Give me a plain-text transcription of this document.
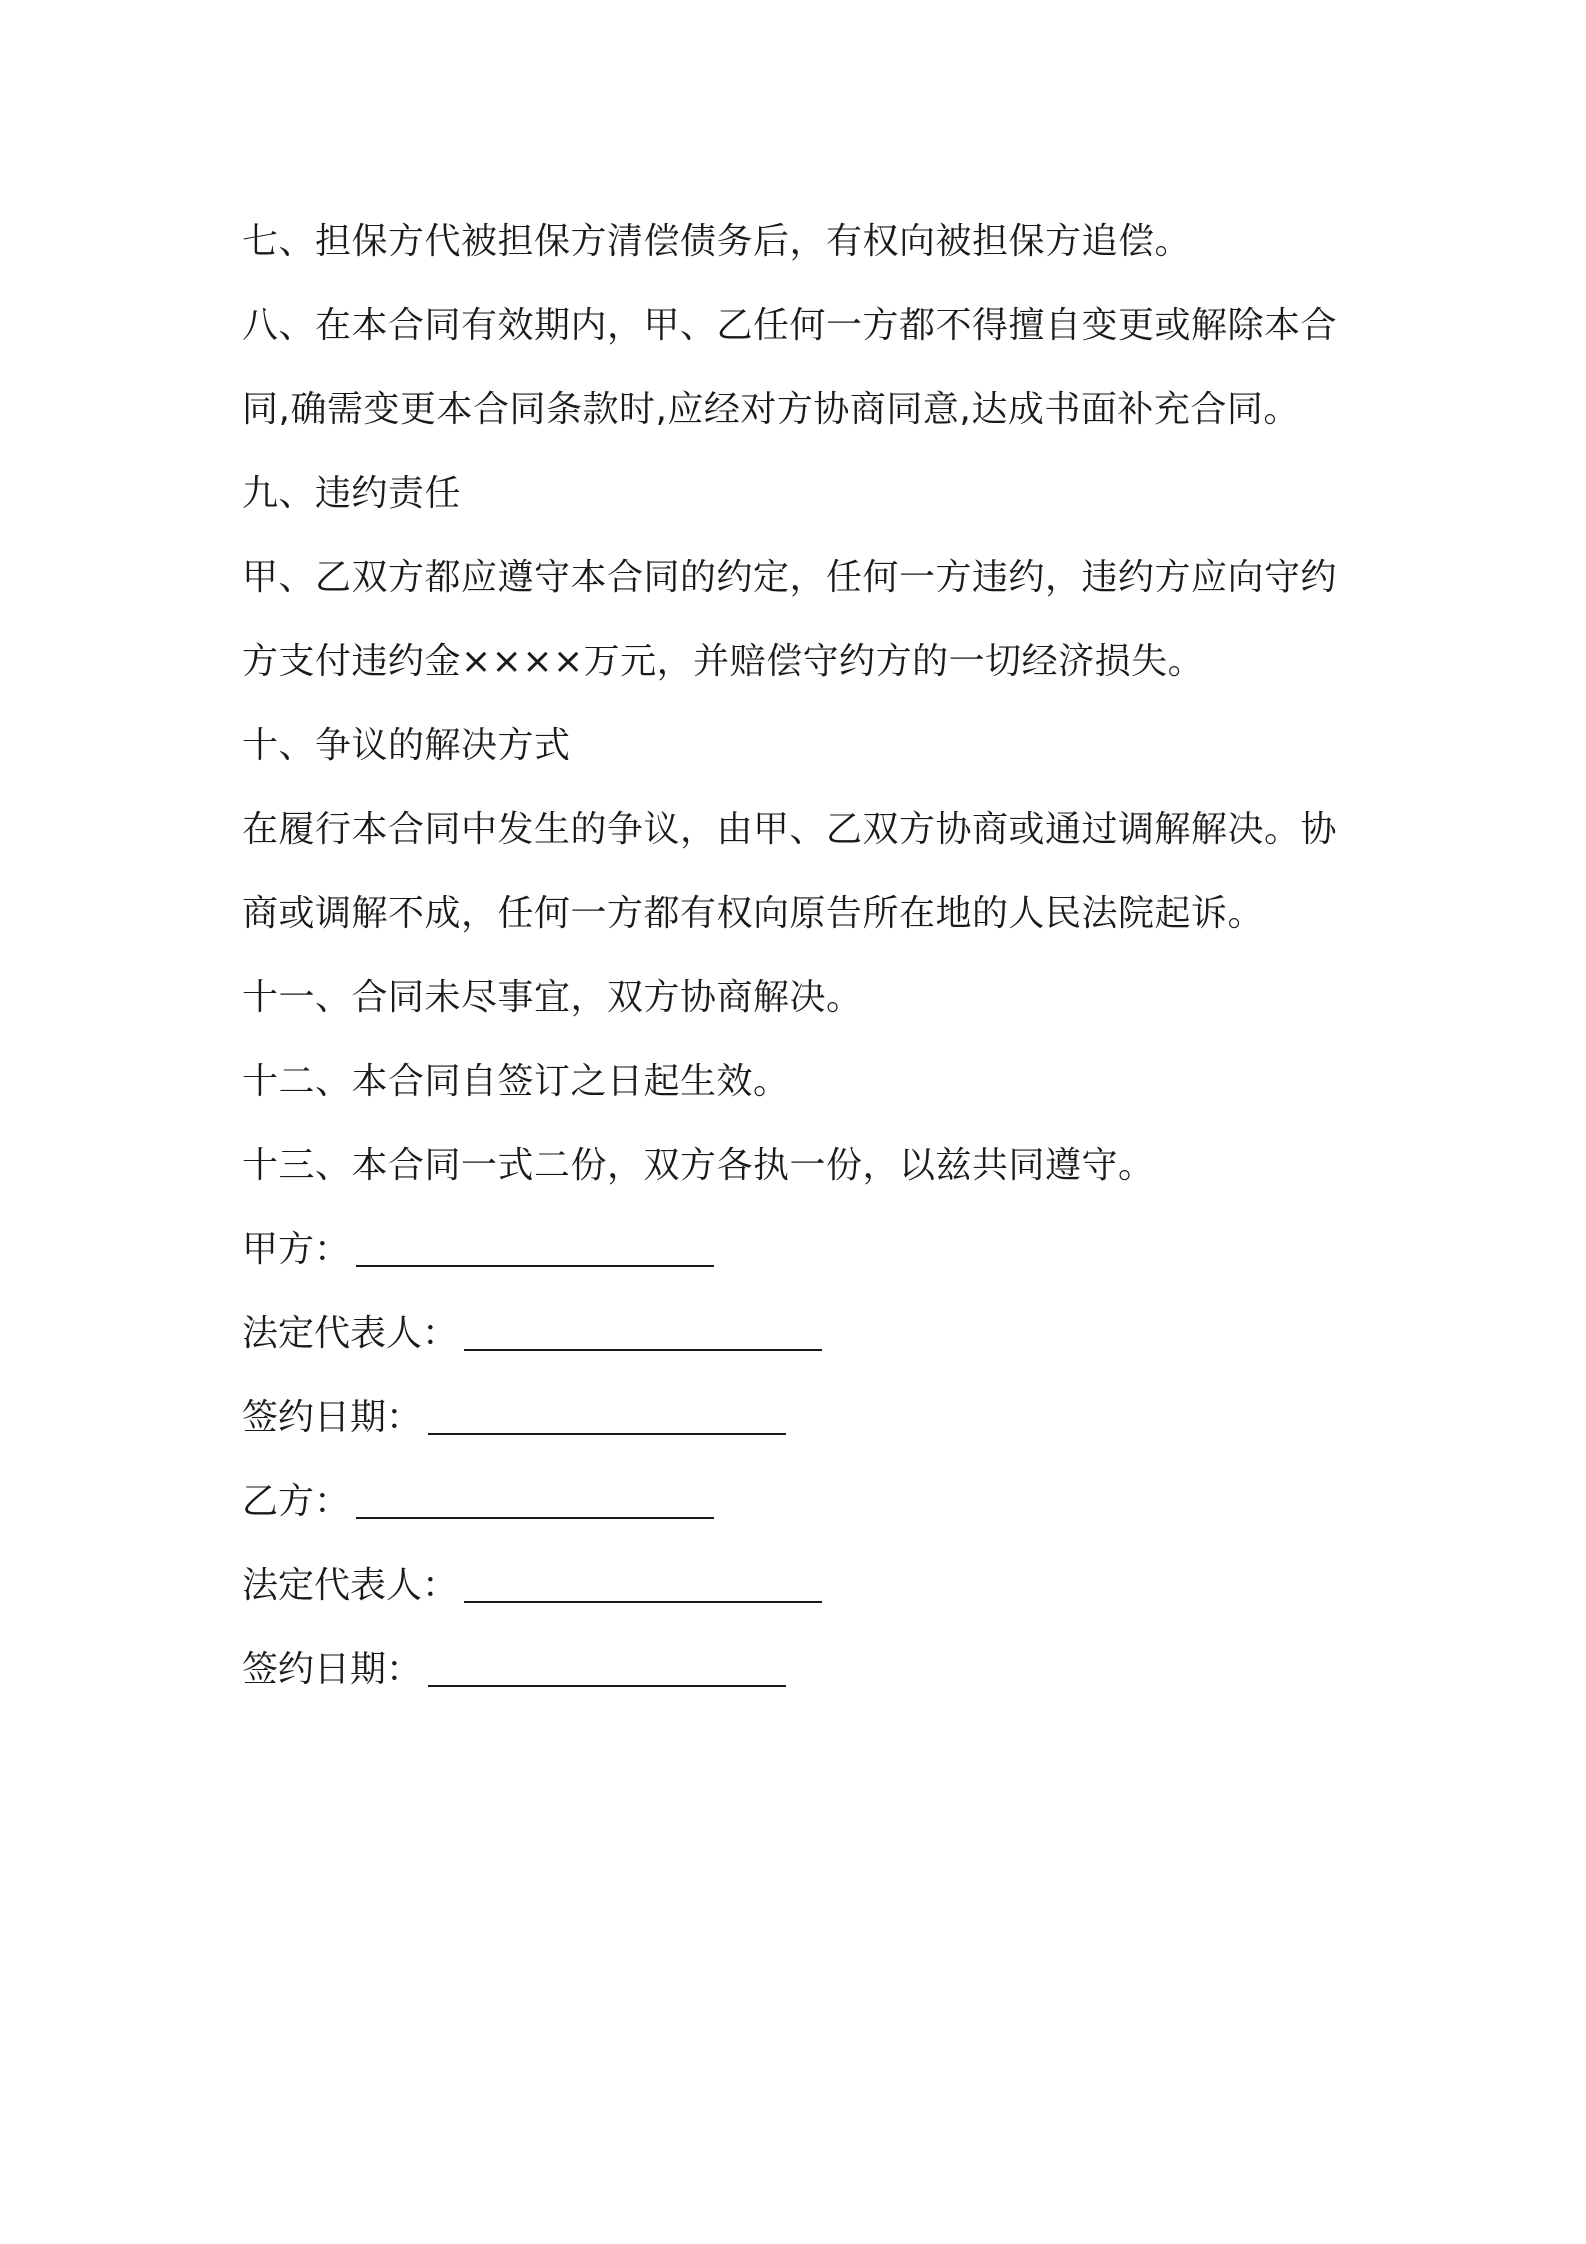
七、担保方代被担保方清偿债务后，有权向被担保方追偿。
八、在本合同有效期内，甲、乙任何一方都不得擅自变更或解除本合
同,确需变更本合同条款时,应经对方协商同意,达成书面补充合同。
九、违约责任
甲、乙双方都应遵守本合同的约定，任何一方违约，违约方应向守约
方支付违约金××××万元，并赔偿守约方的一切经济损失。
十、争议的解决方式
在履行本合同中发生的争议，由甲、乙双方协商或通过调解解决。协
商或调解不成，任何一方都有权向原告所在地的人民法院起诉。
十一、合同未尽事宜，双方协商解决。
十二、本合同自签订之日起生效。
十三、本合同一式二份，双方各执一份，以兹共同遵守。
甲方：
法定代表人：
签约日期：
乙方：
法定代表人：
签约日期：
